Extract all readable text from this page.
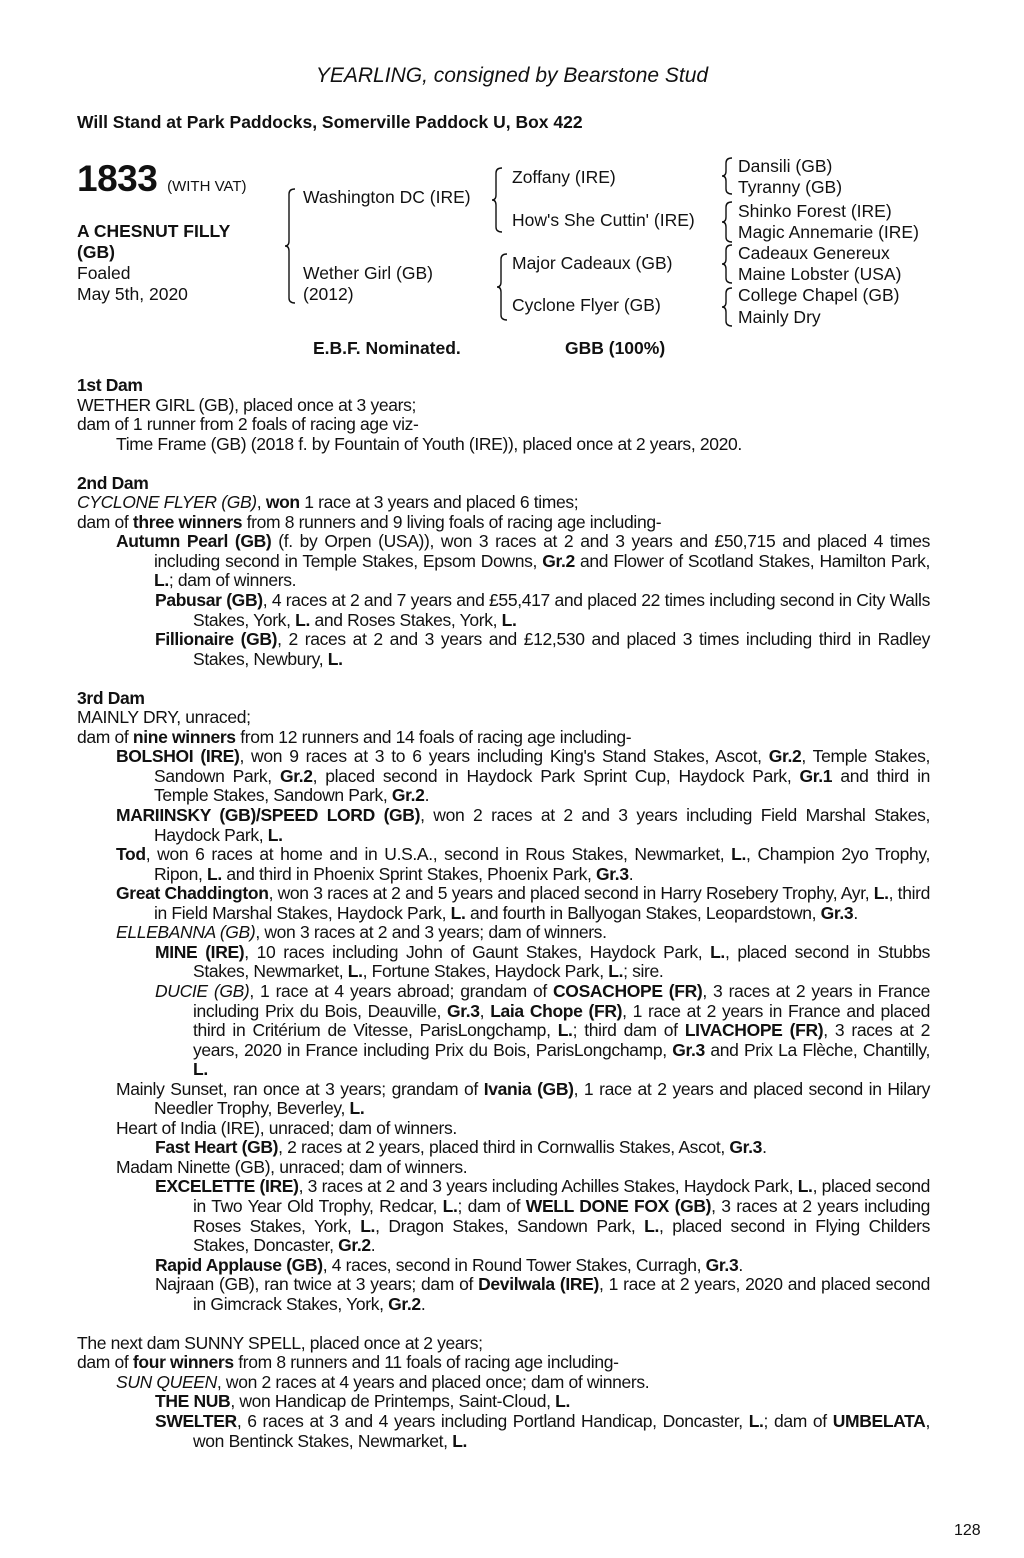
YEARLING, consigned by Bearstone Stud
Will Stand at Park Paddocks, Somerville Paddock U, Box 422
1833 (WITH VAT)
A CHESNUT FILLY
(GB)
Foaled
May 5th, 2020
Washington DC (IRE)
Wether Girl (GB)
(2012)
Zoffany (IRE)
How's She Cuttin' (IRE)
Major Cadeaux (GB)
Cyclone Flyer (GB)
Dansili (GB)
Tyranny (GB)
Shinko Forest (IRE)
Magic Annemarie (IRE)
Cadeaux Genereux
Maine Lobster (USA)
College Chapel (GB)
Mainly Dry
E.B.F. Nominated.	GBB (100%)
1st Dam
WETHER GIRL (GB), placed once at 3 years;
dam of 1 runner from 2 foals of racing age viz-
Time Frame (GB) (2018 f. by Fountain of Youth (IRE)), placed once at 2 years, 2020.
2nd Dam
CYCLONE FLYER (GB), won 1 race at 3 years and placed 6 times;
dam of three winners from 8 runners and 9 living foals of racing age including-
Autumn Pearl (GB) (f. by Orpen (USA)), won 3 races at 2 and 3 years and £50,715 and placed 4 times including second in Temple Stakes, Epsom Downs, Gr.2 and Flower of Scotland Stakes, Hamilton Park, L.; dam of winners.
Pabusar (GB), 4 races at 2 and 7 years and £55,417 and placed 22 times including second in City Walls Stakes, York, L. and Roses Stakes, York, L.
Fillionaire (GB), 2 races at 2 and 3 years and £12,530 and placed 3 times including third in Radley Stakes, Newbury, L.
3rd Dam
MAINLY DRY, unraced;
dam of nine winners from 12 runners and 14 foals of racing age including-
BOLSHOI (IRE), won 9 races at 3 to 6 years including King's Stand Stakes, Ascot, Gr.2, Temple Stakes, Sandown Park, Gr.2, placed second in Haydock Park Sprint Cup, Haydock Park, Gr.1 and third in Temple Stakes, Sandown Park, Gr.2.
MARIINSKY (GB)/SPEED LORD (GB), won 2 races at 2 and 3 years including Field Marshal Stakes, Haydock Park, L.
Tod, won 6 races at home and in U.S.A., second in Rous Stakes, Newmarket, L., Champion 2yo Trophy, Ripon, L. and third in Phoenix Sprint Stakes, Phoenix Park, Gr.3.
Great Chaddington, won 3 races at 2 and 5 years and placed second in Harry Rosebery Trophy, Ayr, L., third in Field Marshal Stakes, Haydock Park, L. and fourth in Ballyogan Stakes, Leopardstown, Gr.3.
ELLEBANNA (GB), won 3 races at 2 and 3 years; dam of winners.
MINE (IRE), 10 races including John of Gaunt Stakes, Haydock Park, L., placed second in Stubbs Stakes, Newmarket, L., Fortune Stakes, Haydock Park, L.; sire.
DUCIE (GB), 1 race at 4 years abroad; grandam of COSACHOPE (FR), 3 races at 2 years in France including Prix du Bois, Deauville, Gr.3, Laia Chope (FR), 1 race at 2 years in France and placed third in Critérium de Vitesse, ParisLongchamp, L.; third dam of LIVACHOPE (FR), 3 races at 2 years, 2020 in France including Prix du Bois, ParisLongchamp, Gr.3 and Prix La Flèche, Chantilly, L.
Mainly Sunset, ran once at 3 years; grandam of Ivania (GB), 1 race at 2 years and placed second in Hilary Needler Trophy, Beverley, L.
Heart of India (IRE), unraced; dam of winners.
Fast Heart (GB), 2 races at 2 years, placed third in Cornwallis Stakes, Ascot, Gr.3.
Madam Ninette (GB), unraced; dam of winners.
EXCELETTE (IRE), 3 races at 2 and 3 years including Achilles Stakes, Haydock Park, L., placed second in Two Year Old Trophy, Redcar, L.; dam of WELL DONE FOX (GB), 3 races at 2 years including Roses Stakes, York, L., Dragon Stakes, Sandown Park, L., placed second in Flying Childers Stakes, Doncaster, Gr.2.
Rapid Applause (GB), 4 races, second in Round Tower Stakes, Curragh, Gr.3.
Najraan (GB), ran twice at 3 years; dam of Devilwala (IRE), 1 race at 2 years, 2020 and placed second in Gimcrack Stakes, York, Gr.2.
The next dam SUNNY SPELL, placed once at 2 years;
dam of four winners from 8 runners and 11 foals of racing age including-
SUN QUEEN, won 2 races at 4 years and placed once; dam of winners.
THE NUB, won Handicap de Printemps, Saint-Cloud, L.
SWELTER, 6 races at 3 and 4 years including Portland Handicap, Doncaster, L.; dam of UMBELATA, won Bentinck Stakes, Newmarket, L.
128
